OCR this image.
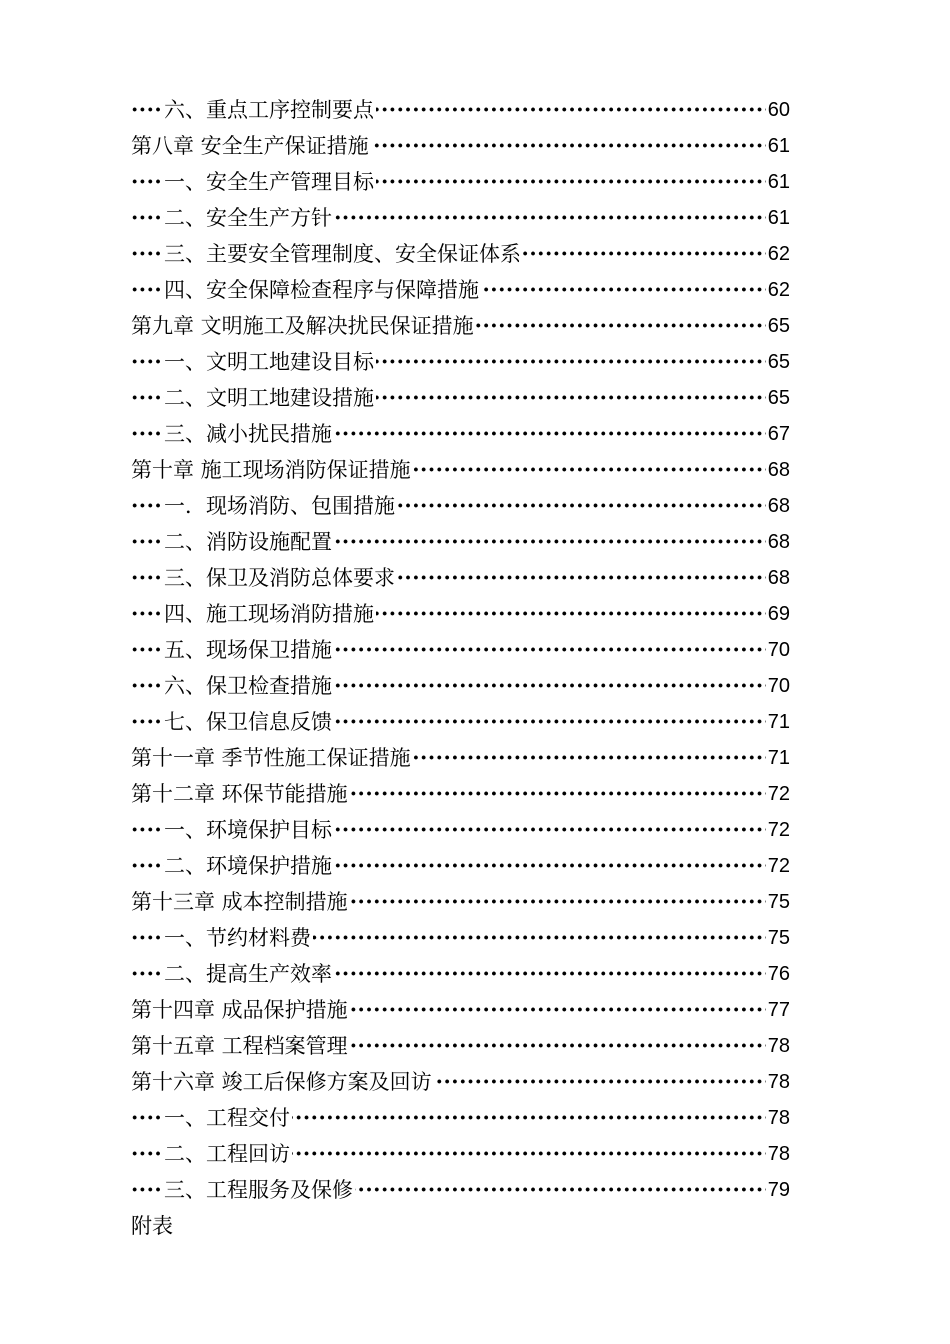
·····
六、重点工序控制要点	60
·····
第八章 安全生产保证措施	61
·····
一、安全生产管理目标	61
·····
二、安全生产方针	61
·····
三、主要安全管理制度、安全保证体系	62
·····
四、安全保障检查程序与保障措施	62
·····
第九章 文明施工及解决扰民保证措施	65
·····
一、文明工地建设目标	65
·····
二、文明工地建设措施	65
·····
三、减小扰民措施	67
·····
第十章 施工现场消防保证措施	68
·····
一．现场消防、包围措施	68
·····
二、消防设施配置	68
·····
三、保卫及消防总体要求	68
·····
四、施工现场消防措施	69
·····
五、现场保卫措施	70
·····
六、保卫检查措施	70
·····
七、保卫信息反馈	71
·····
第十一章 季节性施工保证措施	71
·····
第十二章 环保节能措施	72
·····
一、环境保护目标	72
·····
二、环境保护措施	72
·····
第十三章 成本控制措施	75
·····
一、节约材料费	75
·····
二、提高生产效率	76
·····
第十四章 成品保护措施	77
·····
第十五章 工程档案管理	78
·····
第十六章 竣工后保修方案及回访	78
·····
一、工程交付	78
·····
二、工程回访	78
·····
三、工程服务及保修	79
附表
